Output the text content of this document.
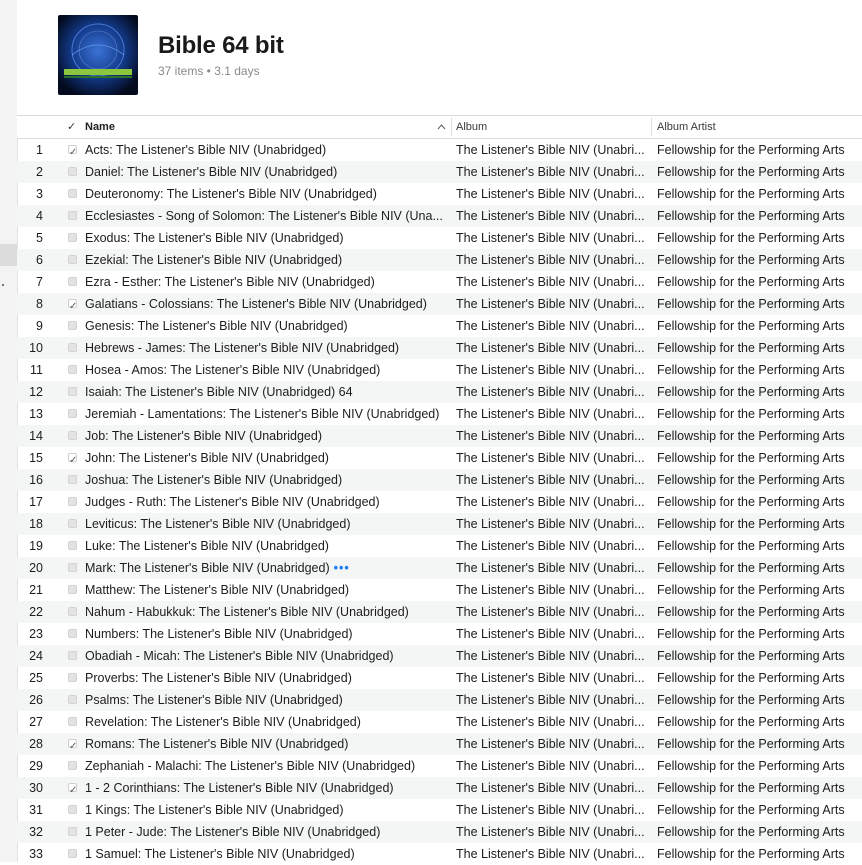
Bible 64 bit
37 items • 3.1 days
✓ Name	Album	Album Artist
1 ✓	Acts: The Listener's Bible NIV (Unabridged)	The Listener's Bible NIV (Unabri... Fellowship for the Performing Arts
2	Daniel: The Listener's Bible NIV (Unabridged)	The Listener's Bible NIV (Unabri... Fellowship for the Performing Arts
3	Deuteronomy: The Listener's Bible NIV (Unabridged)	The Listener's Bible NIV (Unabri... Fellowship for the Performing Arts
4	Ecclesiastes - Song of Solomon: The Listener's Bible NIV (Una...	The Listener's Bible NIV (Unabri... Fellowship for the Performing Arts
5	Exodus: The Listener's Bible NIV (Unabridged)	The Listener's Bible NIV (Unabri... Fellowship for the Performing Arts
6	Ezekial: The Listener's Bible NIV (Unabridged)	The Listener's Bible NIV (Unabri... Fellowship for the Performing Arts
7	Ezra - Esther: The Listener's Bible NIV (Unabridged)	The Listener's Bible NIV (Unabri... Fellowship for the Performing Arts
8 ✓	Galatians - Colossians: The Listener's Bible NIV (Unabridged)	The Listener's Bible NIV (Unabri... Fellowship for the Performing Arts
9	Genesis: The Listener's Bible NIV (Unabridged)	The Listener's Bible NIV (Unabri... Fellowship for the Performing Arts
10	Hebrews - James: The Listener's Bible NIV (Unabridged)	The Listener's Bible NIV (Unabri... Fellowship for the Performing Arts
11	Hosea - Amos: The Listener's Bible NIV (Unabridged)	The Listener's Bible NIV (Unabri... Fellowship for the Performing Arts
12	Isaiah: The Listener's Bible NIV (Unabridged) 64	The Listener's Bible NIV (Unabri... Fellowship for the Performing Arts
13	Jeremiah - Lamentations: The Listener's Bible NIV (Unabridged)	The Listener's Bible NIV (Unabri... Fellowship for the Performing Arts
14	Job: The Listener's Bible NIV (Unabridged)	The Listener's Bible NIV (Unabri... Fellowship for the Performing Arts
15 ✓	John: The Listener's Bible NIV (Unabridged)	The Listener's Bible NIV (Unabri... Fellowship for the Performing Arts
16	Joshua: The Listener's Bible NIV (Unabridged)	The Listener's Bible NIV (Unabri... Fellowship for the Performing Arts
17	Judges - Ruth: The Listener's Bible NIV (Unabridged)	The Listener's Bible NIV (Unabri... Fellowship for the Performing Arts
18	Leviticus: The Listener's Bible NIV (Unabridged)	The Listener's Bible NIV (Unabri... Fellowship for the Performing Arts
19	Luke: The Listener's Bible NIV (Unabridged)	The Listener's Bible NIV (Unabri... Fellowship for the Performing Arts
20	Mark: The Listener's Bible NIV (Unabridged) •••	The Listener's Bible NIV (Unabri... Fellowship for the Performing Arts
21	Matthew: The Listener's Bible NIV (Unabridged)	The Listener's Bible NIV (Unabri... Fellowship for the Performing Arts
22	Nahum - Habukkuk: The Listener's Bible NIV (Unabridged)	The Listener's Bible NIV (Unabri... Fellowship for the Performing Arts
23	Numbers: The Listener's Bible NIV (Unabridged)	The Listener's Bible NIV (Unabri... Fellowship for the Performing Arts
24	Obadiah - Micah: The Listener's Bible NIV (Unabridged)	The Listener's Bible NIV (Unabri... Fellowship for the Performing Arts
25	Proverbs: The Listener's Bible NIV (Unabridged)	The Listener's Bible NIV (Unabri... Fellowship for the Performing Arts
26	Psalms: The Listener's Bible NIV (Unabridged)	The Listener's Bible NIV (Unabri... Fellowship for the Performing Arts
27	Revelation: The Listener's Bible NIV (Unabridged)	The Listener's Bible NIV (Unabri... Fellowship for the Performing Arts
28 ✓	Romans: The Listener's Bible NIV (Unabridged)	The Listener's Bible NIV (Unabri... Fellowship for the Performing Arts
29	Zephaniah - Malachi: The Listener's Bible NIV (Unabridged)	The Listener's Bible NIV (Unabri... Fellowship for the Performing Arts
30 ✓	1 - 2 Corinthians: The Listener's Bible NIV (Unabridged)	The Listener's Bible NIV (Unabri... Fellowship for the Performing Arts
31	1 Kings: The Listener's Bible NIV (Unabridged)	The Listener's Bible NIV (Unabri... Fellowship for the Performing Arts
32	1 Peter - Jude: The Listener's Bible NIV (Unabridged)	The Listener's Bible NIV (Unabri... Fellowship for the Performing Arts
33	1 Samuel: The Listener's Bible NIV (Unabridged)	The Listener's Bible NIV (Unabri... Fellowship for the Performing Arts
